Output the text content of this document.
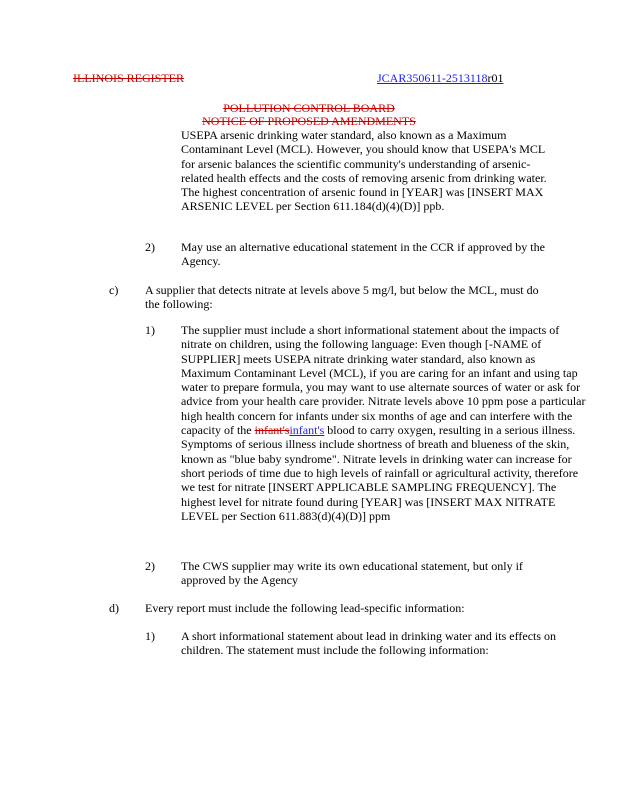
ILLINOIS REGISTER	JCAR350611-2513118r01
POLLUTION CONTROL BOARD
NOTICE OF PROPOSED AMENDMENTS

USEPA arsenic drinking water standard, also known as a Maximum Contaminant Level (MCL). However, you should know that USEPA's MCL for arsenic balances the scientific community's understanding of arsenic-related health effects and the costs of removing arsenic from drinking water. The highest concentration of arsenic found in [YEAR] was [INSERT MAX ARSENIC LEVEL per Section 611.184(d)(4)(D)] ppb.

2) May use an alternative educational statement in the CCR if approved by the Agency.

c) A supplier that detects nitrate at levels above 5 mg/l, but below the MCL, must do the following:

1) The supplier must include a short informational statement about the impacts of nitrate on children, using the following language: Even though [-NAME of SUPPLIER] meets USEPA nitrate drinking water standard, also known as Maximum Contaminant Level (MCL), if you are caring for an infant and using tap water to prepare formula, you may want to use alternate sources of water or ask for advice from your health care provider. Nitrate levels above 10 ppm pose a particular high health concern for infants under six months of age and can interfere with the capacity of the infant'sinfant's blood to carry oxygen, resulting in a serious illness. Symptoms of serious illness include shortness of breath and blueness of the skin, known as "blue baby syndrome". Nitrate levels in drinking water can increase for short periods of time due to high levels of rainfall or agricultural activity, therefore we test for nitrate [INSERT APPLICABLE SAMPLING FREQUENCY]. The highest level for nitrate found during [YEAR] was [INSERT MAX NITRATE LEVEL per Section 611.883(d)(4)(D)] ppm

2) The CWS supplier may write its own educational statement, but only if approved by the Agency

d) Every report must include the following lead-specific information:

1) A short informational statement about lead in drinking water and its effects on children. The statement must include the following information:
